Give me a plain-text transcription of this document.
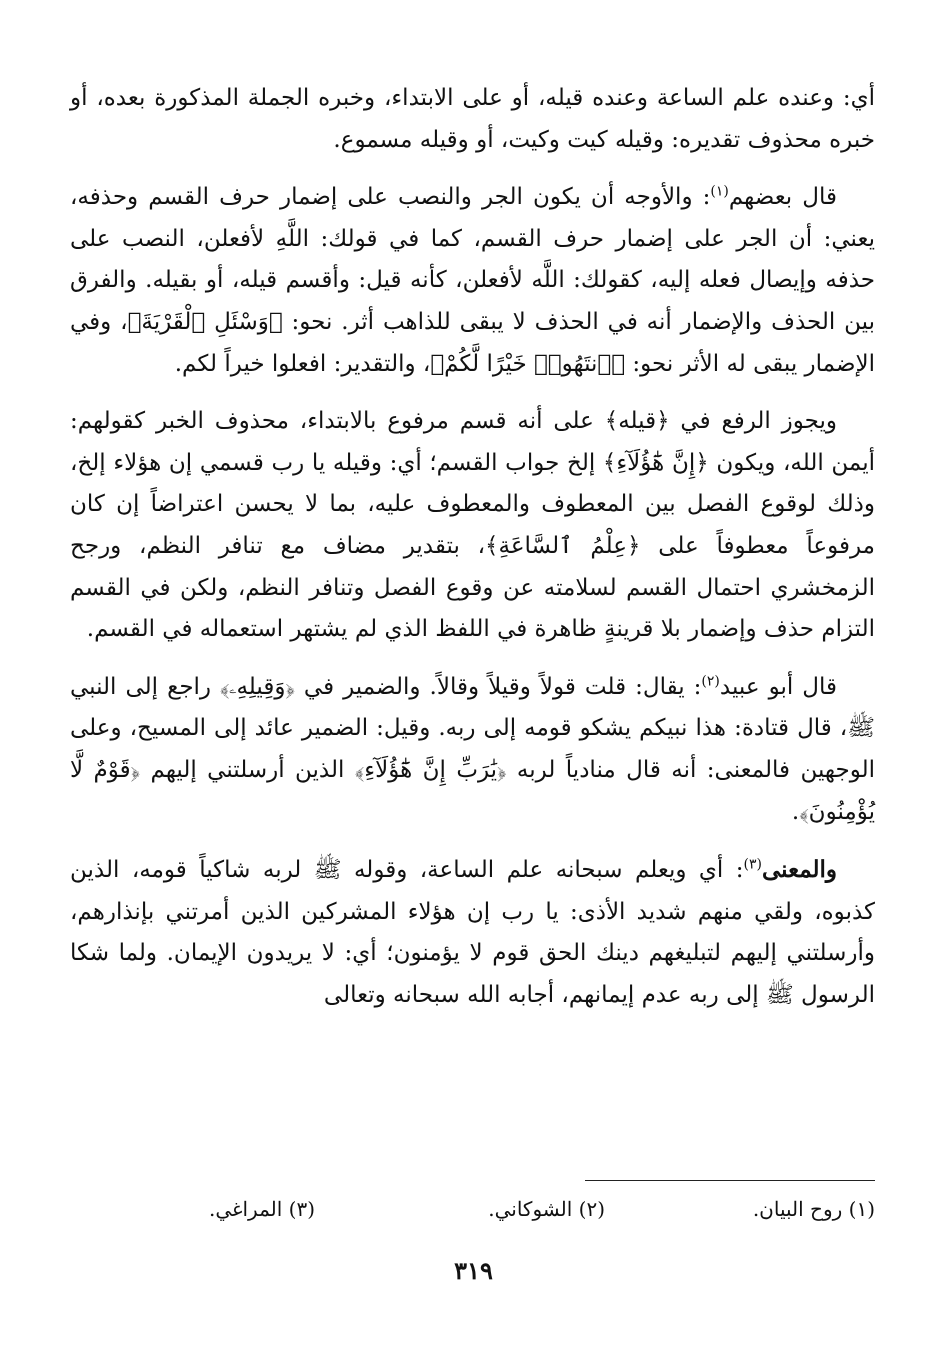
أي: وعنده علم الساعة وعنده قيله، أو على الابتداء، وخبره الجملة المذكورة بعده، أو خبره محذوف تقديره: وقيله كيت وكيت، أو وقيله مسموع.

قال بعضهم$^{(١)}$: والأوجه أن يكون الجر والنصب على إضمار حرف القسم وحذفه، يعني: أن الجر على إضمار حرف القسم، كما في قولك: اللَّهِ لأفعلن، النصب على حذفه وإيصال فعله إليه، كقولك: اللَّه لأفعلن، كأنه قيل: وأقسم قيله، أو بقيله. والفرق بين الحذف والإضمار أنه في الحذف لا يبقى للذاهب أثر. نحو: ﴿وَسْئَلِ ٱلْقَرْيَةَ﴾، وفي الإضمار يبقى له الأثر نحو: ﴿ٱنتَهُوا۟ خَيْرًا لَّكُمْ﴾، والتقدير: افعلوا خيراً لكم.

ويجوز الرفع في ﴿قيله﴾ على أنه قسم مرفوع بالابتداء، محذوف الخبر كقولهم: أيمن الله، ويكون ﴿إِنَّ هَٰٓؤُلَآءِ﴾ إلخ جواب القسم؛ أي: وقيله يا رب قسمي إن هؤلاء إلخ، وذلك لوقوع الفصل بين المعطوف والمعطوف عليه، بما لا يحسن اعتراضاً إن كان مرفوعاً معطوفاً على ﴿عِلْمُ ٱلسَّاعَةِ﴾، بتقدير مضاف مع تنافر النظم، ورجح الزمخشري احتمال القسم لسلامته عن وقوع الفصل وتنافر النظم، ولكن في القسم التزام حذف وإضمار بلا قرينةٍ ظاهرة في اللفظ الذي لم يشتهر استعماله في القسم.

قال أبو عبيد$^{(٢)}$: يقال: قلت قولاً وقيلاً وقالاً. والضمير في ﴿وَقِيلِهِۦ﴾ راجع إلى النبي ﷺ، قال قتادة: هذا نبيكم يشكو قومه إلى ربه. وقيل: الضمير عائد إلى المسيح، وعلى الوجهين فالمعنى: أنه قال منادياً لربه ﴿يَٰرَبِّ إِنَّ هَٰٓؤُلَآءِ﴾ الذين أرسلتني إليهم ﴿قَوْمٌ لَّا يُؤْمِنُونَ﴾.

والمعنى$^{(٣)}$: أي ويعلم سبحانه علم الساعة، وقوله ﷺ لربه شاكياً قومه، الذين كذبوه، ولقي منهم شديد الأذى: يا رب إن هؤلاء المشركين الذين أمرتني بإنذارهم، وأرسلتني إليهم لتبليغهم دينك الحق قوم لا يؤمنون؛ أي: لا يريدون الإيمان. ولما شكا الرسول ﷺ إلى ربه عدم إيمانهم، أجابه الله سبحانه وتعالى

(١) روح البيان.
(٢) الشوكاني.
(٣) المراغي.
٣١٩
